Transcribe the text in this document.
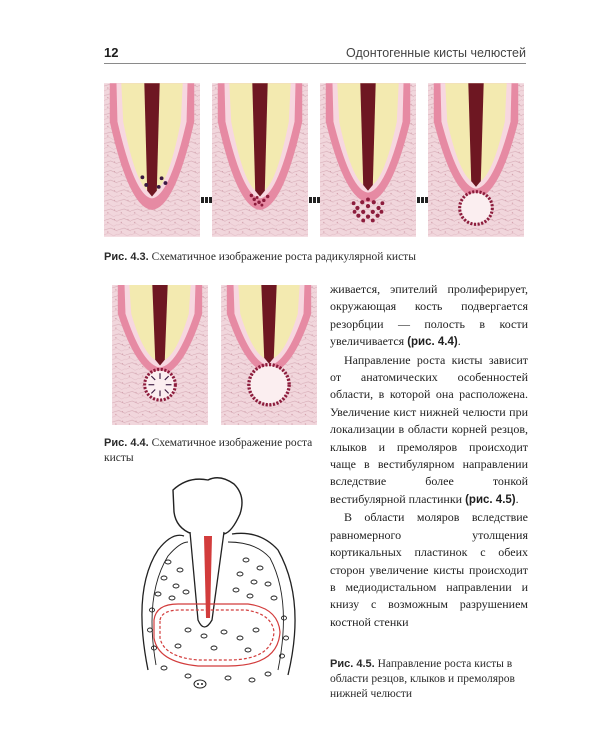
12	Одонтогенные кисты челюстей
Рис. 4.3. Схематичное изображение роста радикулярной кисты
Рис. 4.4. Схематичное изображение роста кисты

живается, эпителий пролиферирует, окружающая кость подвергается резорбции — полость в кости увеличивается (рис. 4.4).

Направление роста кисты зависит от анатомических особенностей области, в которой она расположена. Увеличение кист нижней челюсти при локализации в области корней резцов, клыков и премоляров происходит чаще в вестибулярном направлении вследствие более тонкой вестибулярной пластинки (рис. 4.5).

В области моляров вследствие равномерного утолщения кортикальных пластинок с обеих сторон увеличение кисты происходит в медиодистальном направлении и книзу с возможным разрушением костной стенки

Рис. 4.5. Направление роста кисты в области резцов, клыков и премоляров нижней челюсти
